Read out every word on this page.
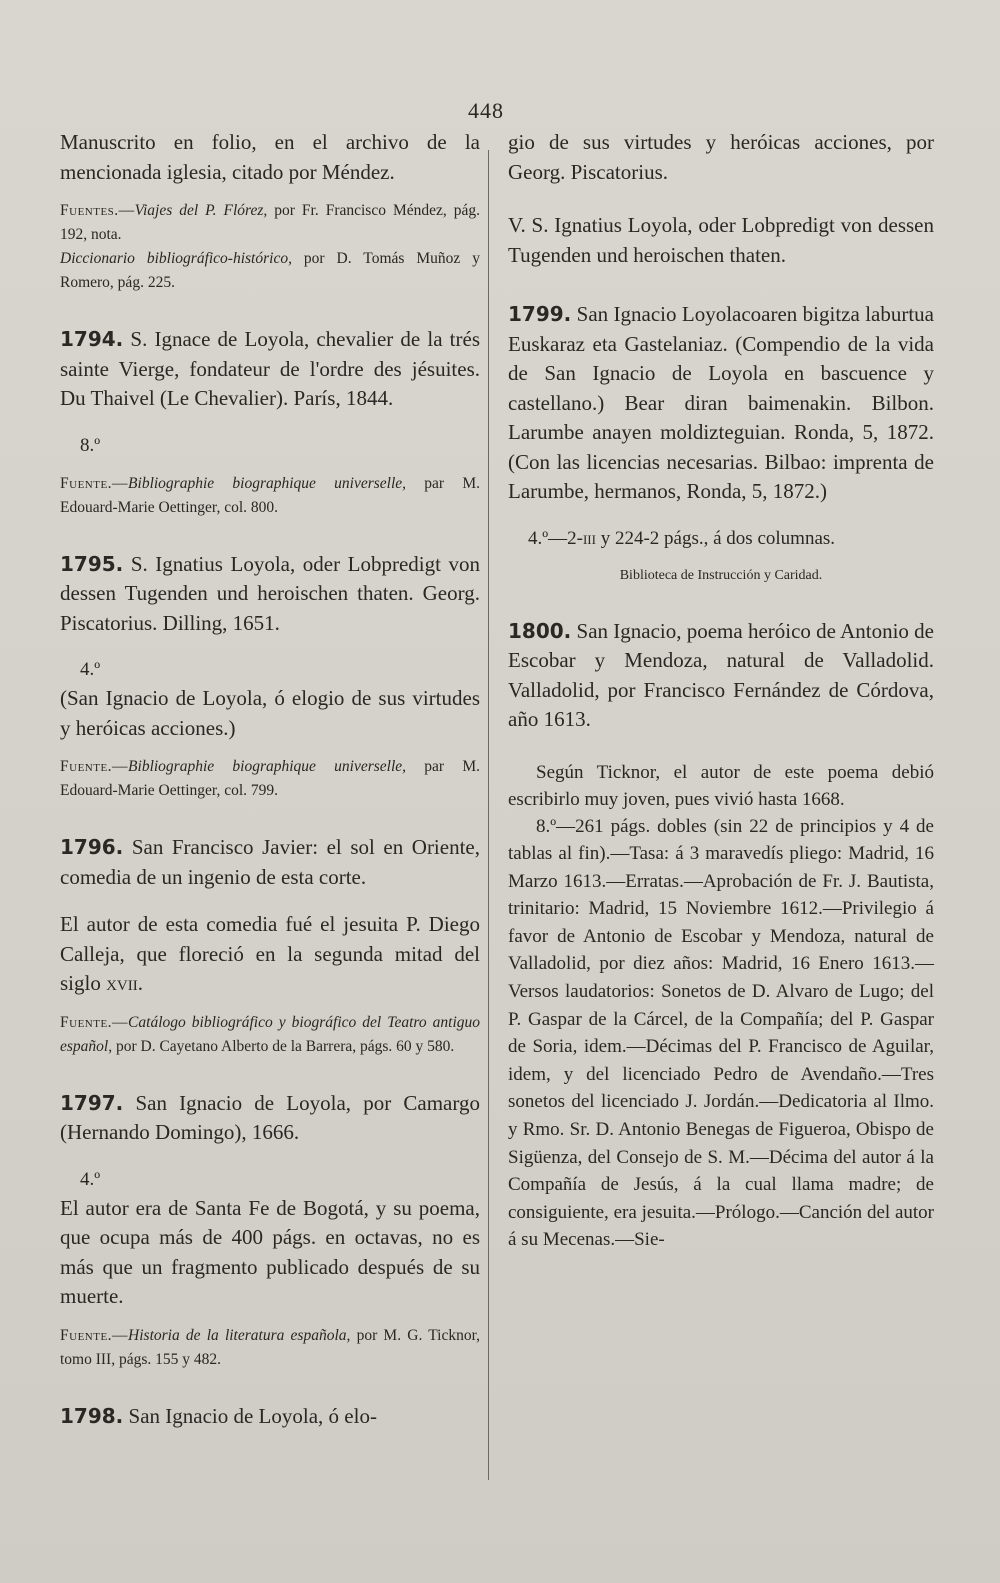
448

Manuscrito en folio, en el archivo de la mencionada iglesia, citado por Méndez.

Fuentes.—Viajes del P. Flórez, por Fr. Francisco Méndez, pág. 192, nota.
Diccionario bibliográfico-histórico, por D. Tomás Muñoz y Romero, pág. 225.

1794. S. Ignace de Loyola, chevalier de la trés sainte Vierge, fondateur de l'ordre des jésuites. Du Thaivel (Le Chevalier). París, 1844.

8.º

Fuente.—Bibliographie biographique universelle, par M. Edouard-Marie Oettinger, col. 800.

1795. S. Ignatius Loyola, oder Lobpredigt von dessen Tugenden und heroischen thaten. Georg. Piscatorius. Dilling, 1651.

4.º

(San Ignacio de Loyola, ó elogio de sus virtudes y heróicas acciones.)

Fuente.—Bibliographie biographique universelle, par M. Edouard-Marie Oettinger, col. 799.

1796. San Francisco Javier: el sol en Oriente, comedia de un ingenio de esta corte.

El autor de esta comedia fué el jesuita P. Diego Calleja, que floreció en la segunda mitad del siglo xvii.

Fuente.—Catálogo bibliográfico y biográfico del Teatro antiguo español, por D. Cayetano Alberto de la Barrera, págs. 60 y 580.

1797. San Ignacio de Loyola, por Camargo (Hernando Domingo), 1666.

4.º

El autor era de Santa Fe de Bogotá, y su poema, que ocupa más de 400 págs. en octavas, no es más que un fragmento publicado después de su muerte.

Fuente.—Historia de la literatura española, por M. G. Ticknor, tomo III, págs. 155 y 482.

1798. San Ignacio de Loyola, ó elo-

gio de sus virtudes y heróicas acciones, por Georg. Piscatorius.

V. S. Ignatius Loyola, oder Lobpredigt von dessen Tugenden und heroischen thaten.

1799. San Ignacio Loyolacoaren bigitza laburtua Euskaraz eta Gastelaniaz. (Compendio de la vida de San Ignacio de Loyola en bascuence y castellano.) Bear diran baimenakin. Bilbon. Larumbe anayen moldizteguian. Ronda, 5, 1872. (Con las licencias necesarias. Bilbao: imprenta de Larumbe, hermanos, Ronda, 5, 1872.)

4.º—2-iii y 224-2 págs., á dos columnas.

Biblioteca de Instrucción y Caridad.

1800. San Ignacio, poema heróico de Antonio de Escobar y Mendoza, natural de Valladolid. Valladolid, por Francisco Fernández de Córdova, año 1613.

Según Ticknor, el autor de este poema debió escribirlo muy joven, pues vivió hasta 1668.

8.º—261 págs. dobles (sin 22 de principios y 4 de tablas al fin).—Tasa: á 3 maravedís pliego: Madrid, 16 Marzo 1613.—Erratas.—Aprobación de Fr. J. Bautista, trinitario: Madrid, 15 Noviembre 1612.—Privilegio á favor de Antonio de Escobar y Mendoza, natural de Valladolid, por diez años: Madrid, 16 Enero 1613.—Versos laudatorios: Sonetos de D. Alvaro de Lugo; del P. Gaspar de la Cárcel, de la Compañía; del P. Gaspar de Soria, idem.—Décimas del P. Francisco de Aguilar, idem, y del licenciado Pedro de Avendaño.—Tres sonetos del licenciado J. Jordán.—Dedicatoria al Ilmo. y Rmo. Sr. D. Antonio Benegas de Figueroa, Obispo de Sigüenza, del Consejo de S. M.—Décima del autor á la Compañía de Jesús, á la cual llama madre; de consiguiente, era jesuita.—Prólogo.—Canción del autor á su Mecenas.—Sie-
